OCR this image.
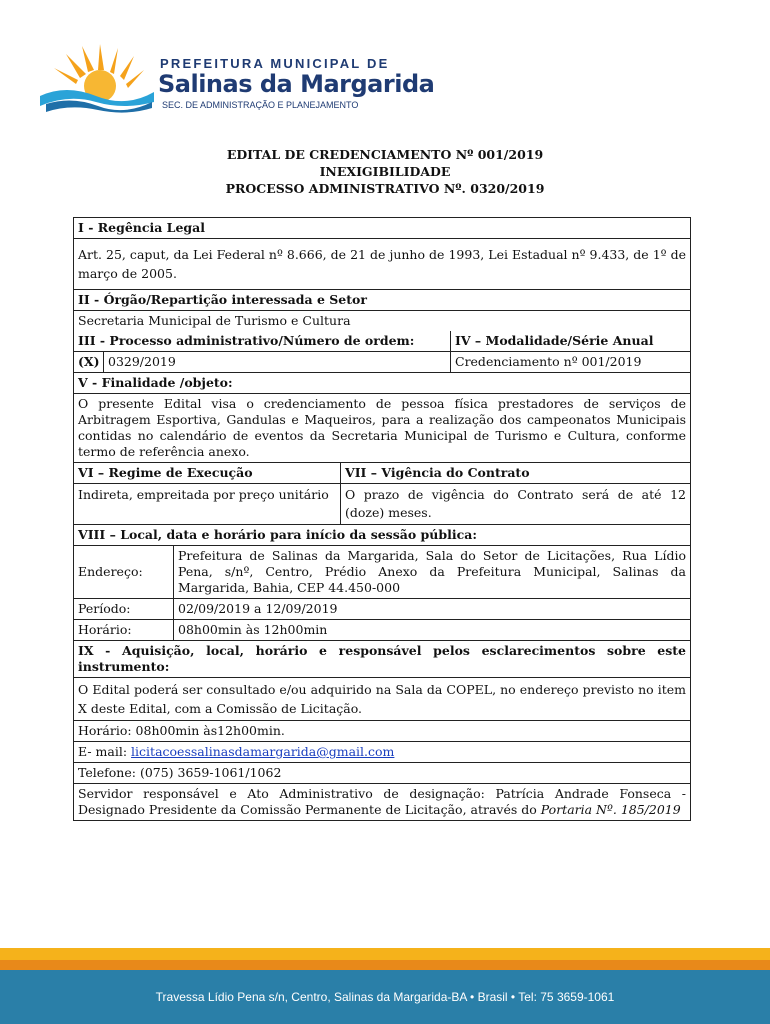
PREFEITURA MUNICIPAL DE
Salinas da Margarida
SEC. DE ADMINISTRAÇÃO E PLANEJAMENTO
EDITAL DE CREDENCIAMENTO Nº 001/2019
INEXIGIBILIDADE
PROCESSO ADMINISTRATIVO Nº. 0320/2019
I - Regência Legal
Art. 25, caput, da Lei Federal nº 8.666, de 21 de junho de 1993, Lei Estadual nº 9.433, de 1º de março de 2005.
II - Órgão/Repartição interessada e Setor
Secretaria Municipal de Turismo e Cultura
III - Processo administrativo/Número de ordem:
(X) 0329/2019
IV – Modalidade/Série Anual
Credenciamento nº 001/2019
V - Finalidade /objeto:
O presente Edital visa o credenciamento de pessoa física prestadores de serviços de Arbitragem Esportiva, Gandulas e Maqueiros, para a realização dos campeonatos Municipais contidas no calendário de eventos da Secretaria Municipal de Turismo e Cultura, conforme termo de referência anexo.
VI – Regime de Execução
Indireta, empreitada por preço unitário
VII – Vigência do Contrato
O prazo de vigência do Contrato será de até 12 (doze) meses.
VIII – Local, data e horário para início da sessão pública:
Endereço:
Prefeitura de Salinas da Margarida, Sala do Setor de Licitações, Rua Lídio Pena, s/nº, Centro, Prédio Anexo da Prefeitura Municipal, Salinas da Margarida, Bahia, CEP 44.450-000
Período:	02/09/2019 a 12/09/2019
Horário:	08h00min às 12h00min
IX - Aquisição, local, horário e responsável pelos esclarecimentos sobre este instrumento:
O Edital poderá ser consultado e/ou adquirido na Sala da COPEL, no endereço previsto no item X deste Edital, com a Comissão de Licitação.
Horário: 08h00min às12h00min.
E- mail: licitacoessalinasdamargarida@gmail.com
Telefone: (075) 3659-1061/1062
Servidor responsável e Ato Administrativo de designação: Patrícia Andrade Fonseca - Designado Presidente da Comissão Permanente de Licitação, através do Portaria Nº. 185/2019
Travessa Lídio Pena s/n, Centro, Salinas da Margarida-BA • Brasil • Tel: 75 3659-1061
